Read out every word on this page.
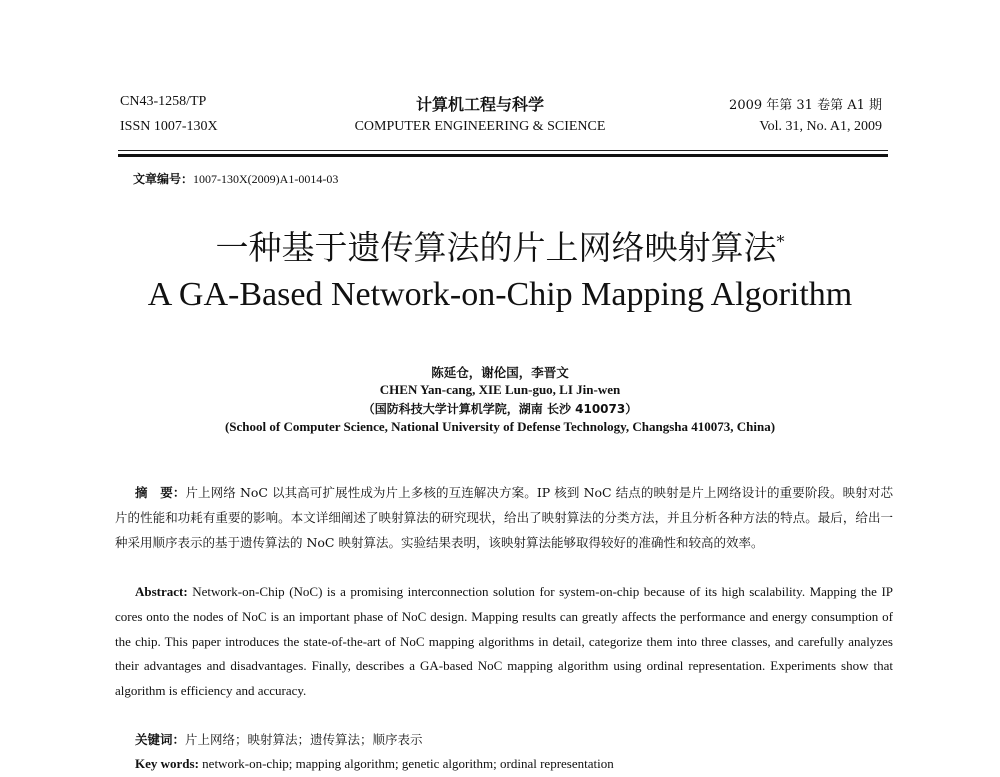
CN43-1258/TP
ISSN 1007-130X
计算机工程与科学
COMPUTER ENGINEERING & SCIENCE
2009 年第 31 卷第 A1 期
Vol. 31, No. A1, 2009
文章编号：1007-130X(2009)A1-0014-03
一种基于遗传算法的片上网络映射算法*
A GA-Based Network-on-Chip Mapping Algorithm
陈延仓，谢伦国，李晋文
CHEN Yan-cang, XIE Lun-guo, LI Jin-wen
（国防科技大学计算机学院，湖南 长沙 410073）
(School of Computer Science, National University of Defense Technology, Changsha 410073, China)
摘　要：片上网络 NoC 以其高可扩展性成为片上多核的互连解决方案。IP 核到 NoC 结点的映射是片上网络设计的重要阶段。映射对芯片的性能和功耗有重要的影响。本文详细阐述了映射算法的研究现状，给出了映射算法的分类方法，并且分析各种方法的特点。最后，给出一种采用顺序表示的基于遗传算法的 NoC 映射算法。实验结果表明，该映射算法能够取得较好的准确性和较高的效率。
Abstract: Network-on-Chip (NoC) is a promising interconnection solution for system-on-chip because of its high scalability. Mapping the IP cores onto the nodes of NoC is an important phase of NoC design. Mapping results can greatly affects the performance and energy consumption of the chip. This paper introduces the state-of-the-art of NoC mapping algorithms in detail, categorize them into three classes, and carefully analyzes their advantages and disadvantages. Finally, describes a GA-based NoC mapping algorithm using ordinal representation. Experiments show that algorithm is efficiency and accuracy.
关键词：片上网络；映射算法；遗传算法；顺序表示
Key words: network-on-chip; mapping algorithm; genetic algorithm; ordinal representation
